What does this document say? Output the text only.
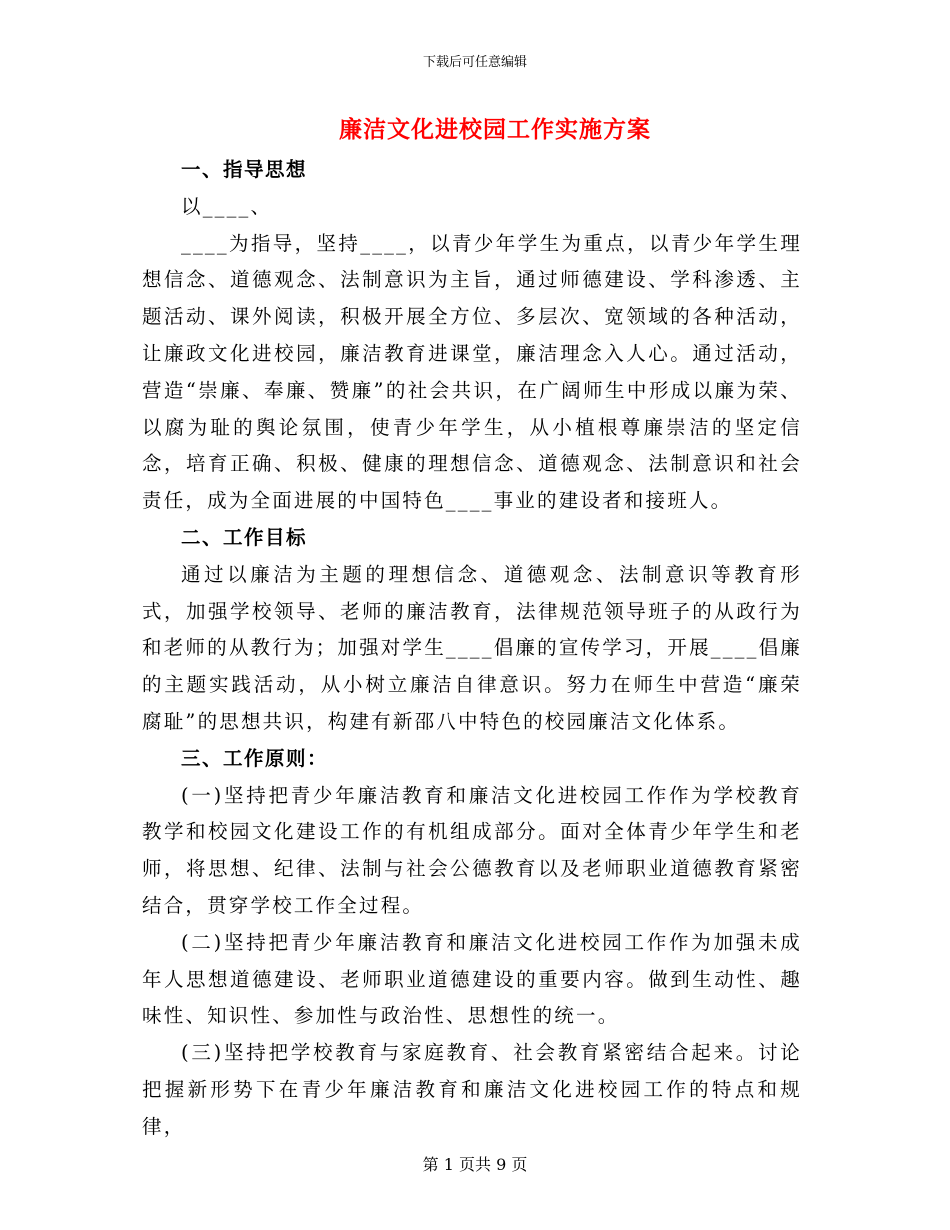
下载后可任意编辑
廉洁文化进校园工作实施方案

一、指导思想

以____、

____为指导，坚持____，以青少年学生为重点，以青少年学生理想信念、道德观念、法制意识为主旨，通过师德建设、学科渗透、主题活动、课外阅读，积极开展全方位、多层次、宽领域的各种活动，让廉政文化进校园，廉洁教育进课堂，廉洁理念入人心。通过活动，营造“崇廉、奉廉、赞廉”的社会共识，在广阔师生中形成以廉为荣、以腐为耻的舆论氛围，使青少年学生，从小植根尊廉崇洁的坚定信念，培育正确、积极、健康的理想信念、道德观念、法制意识和社会责任，成为全面进展的中国特色____事业的建设者和接班人。

二、工作目标

通过以廉洁为主题的理想信念、道德观念、法制意识等教育形式，加强学校领导、老师的廉洁教育，法律规范领导班子的从政行为和老师的从教行为；加强对学生____倡廉的宣传学习，开展____倡廉的主题实践活动，从小树立廉洁自律意识。努力在师生中营造“廉荣腐耻”的思想共识，构建有新邵八中特色的校园廉洁文化体系。

三、工作原则：

(一)坚持把青少年廉洁教育和廉洁文化进校园工作作为学校教育教学和校园文化建设工作的有机组成部分。面对全体青少年学生和老师，将思想、纪律、法制与社会公德教育以及老师职业道德教育紧密结合，贯穿学校工作全过程。

(二)坚持把青少年廉洁教育和廉洁文化进校园工作作为加强未成年人思想道德建设、老师职业道德建设的重要内容。做到生动性、趣味性、知识性、参加性与政治性、思想性的统一。

(三)坚持把学校教育与家庭教育、社会教育紧密结合起来。讨论把握新形势下在青少年廉洁教育和廉洁文化进校园工作的特点和规律，

第 1 页共 9 页
